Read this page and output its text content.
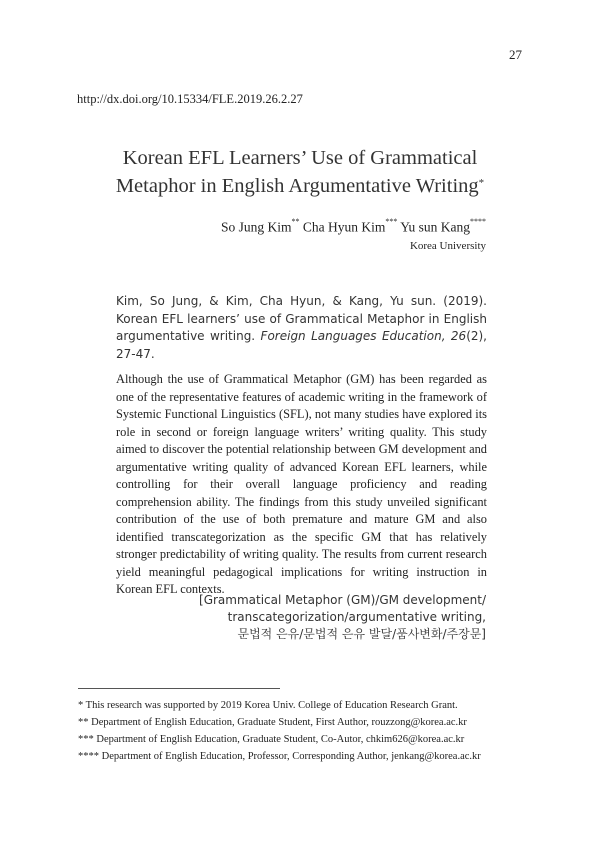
27
http://dx.doi.org/10.15334/FLE.2019.26.2.27
Korean EFL Learners’ Use of Grammatical
Metaphor in English Argumentative Writing*
So Jung Kim** Cha Hyun Kim*** Yu sun Kang****
Korea University
Kim, So Jung, & Kim, Cha Hyun, & Kang, Yu sun. (2019). Korean EFL learners’ use of Grammatical Metaphor in English argumentative writing. Foreign Languages Education, 26(2), 27-47.

Although the use of Grammatical Metaphor (GM) has been regarded as one of the representative features of academic writing in the framework of Systemic Functional Linguistics (SFL), not many studies have explored its role in second or foreign language writers’ writing quality. This study aimed to discover the potential relationship between GM development and argumentative writing quality of advanced Korean EFL learners, while controlling for their overall language proficiency and reading comprehension ability. The findings from this study unveiled significant contribution of the use of both premature and mature GM and also identified transcategorization as the specific GM that has relatively stronger predictability of writing quality. The results from current research yield meaningful pedagogical implications for writing instruction in Korean EFL contexts.

[Grammatical Metaphor (GM)/GM development/
transcategorization/argumentative writing,
문법적 은유/문법적 은유 발달/품사변화/주장문]
* This research was supported by 2019 Korea Univ. College of Education Research Grant.
** Department of English Education, Graduate Student, First Author, rouzzong@korea.ac.kr
*** Department of English Education, Graduate Student, Co-Autor, chkim626@korea.ac.kr
**** Department of English Education, Professor, Corresponding Author, jenkang@korea.ac.kr
